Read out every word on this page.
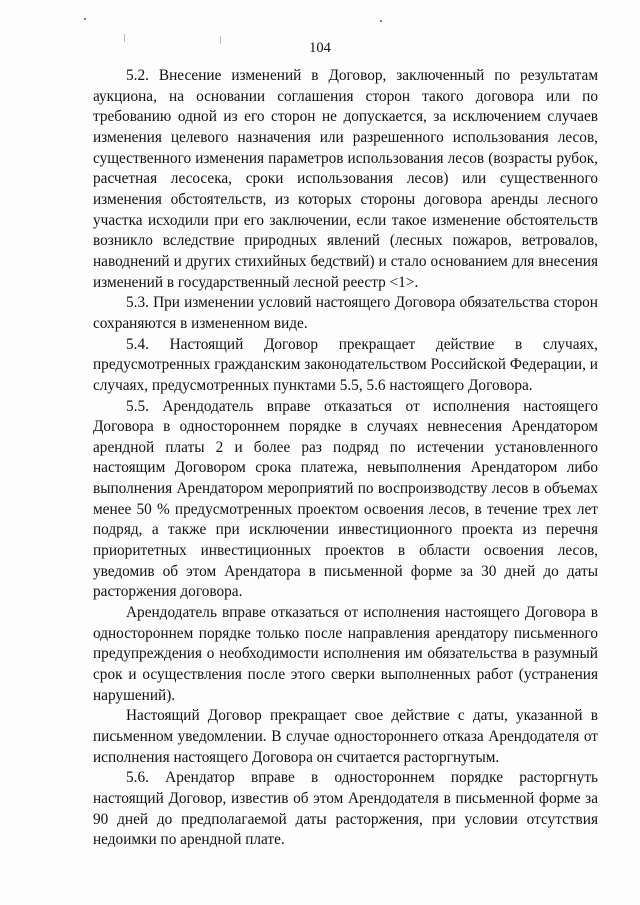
104

5.2. Внесение изменений в Договор, заключенный по результатам аукциона, на основании соглашения сторон такого договора или по требованию одной из его сторон не допускается, за исключением случаев изменения целевого назначения или разрешенного использования лесов, существенного изменения параметров использования лесов (возрасты рубок, расчетная лесосека, сроки использования лесов) или существенного изменения обстоятельств, из которых стороны договора аренды лесного участка исходили при его заключении, если такое изменение обстоятельств возникло вследствие природных явлений (лесных пожаров, ветровалов, наводнений и других стихийных бедствий) и стало основанием для внесения изменений в государственный лесной реестр <1>.

5.3. При изменении условий настоящего Договора обязательства сторон сохраняются в измененном виде.

5.4. Настоящий Договор прекращает действие в случаях, предусмотренных гражданским законодательством Российской Федерации, и случаях, предусмотренных пунктами 5.5, 5.6 настоящего Договора.

5.5. Арендодатель вправе отказаться от исполнения настоящего Договора в одностороннем порядке в случаях невнесения Арендатором арендной платы 2 и более раз подряд по истечении установленного настоящим Договором срока платежа, невыполнения Арендатором либо выполнения Арендатором мероприятий по воспроизводству лесов в объемах менее 50 % предусмотренных проектом освоения лесов, в течение трех лет подряд, а также при исключении инвестиционного проекта из перечня приоритетных инвестиционных проектов в области освоения лесов, уведомив об этом Арендатора в письменной форме за 30 дней до даты расторжения договора.

Арендодатель вправе отказаться от исполнения настоящего Договора в одностороннем порядке только после направления арендатору письменного предупреждения о необходимости исполнения им обязательства в разумный срок и осуществления после этого сверки выполненных работ (устранения нарушений).

Настоящий Договор прекращает свое действие с даты, указанной в письменном уведомлении. В случае одностороннего отказа Арендодателя от исполнения настоящего Договора он считается расторгнутым.

5.6. Арендатор вправе в одностороннем порядке расторгнуть настоящий Договор, известив об этом Арендодателя в письменной форме за 90 дней до предполагаемой даты расторжения, при условии отсутствия недоимки по арендной плате.
